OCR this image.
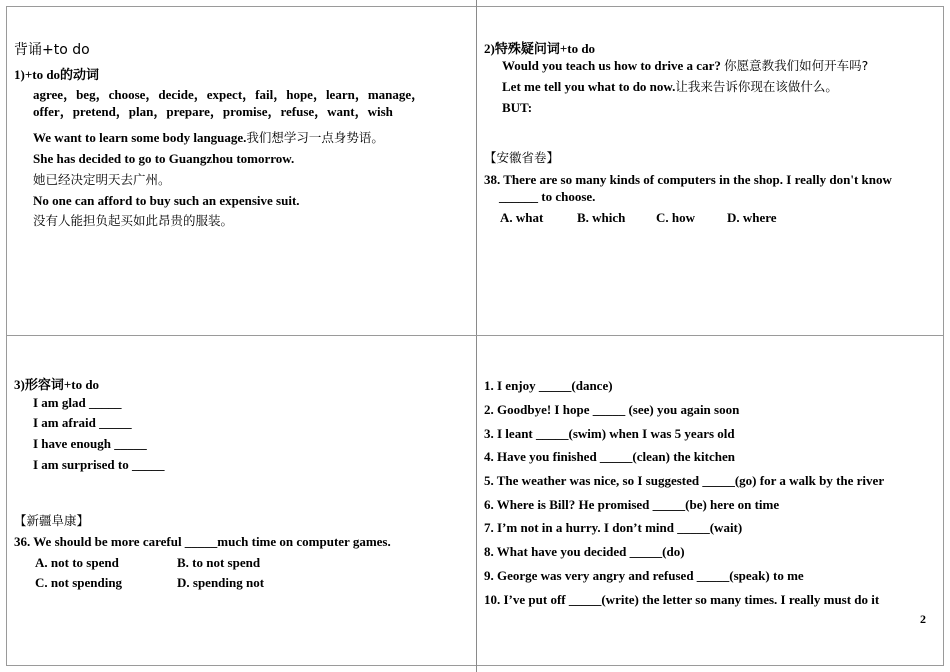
背诵+to do
1)+to do的动词
agree，beg，choose，decide，expect，fail，hope，learn，manage，
offer，pretend，plan，prepare，promise，refuse，want，wish
We want to learn some body language.我们想学习一点身势语。
She has decided to go to Guangzhou tomorrow.
她已经决定明天去广州。
No one can afford to buy such an expensive suit.
没有人能担负起买如此昂贵的服装。
2)特殊疑问词+to do
Would you teach us how to drive a car? 你愿意教我们如何开车吗?
Let me tell you what to do now.让我来告诉你现在该做什么。
BUT:
【安徽省卷】
38. There are so many kinds of computers in the shop. I really don't know
______ to choose.
A. what	B. which C. how D. where
3)形容词+to do
I am glad _____
I am afraid _____
I have enough _____
I am surprised to _____
【新疆阜康】
36. We should be more careful _____much time on computer games.
A. not to spend	B. to not spend
C. not spending	D. spending not
1. I enjoy _____(dance)
2. Goodbye! I hope _____ (see) you again soon
3. I leant _____(swim) when I was 5 years old
4. Have you finished _____(clean) the kitchen
5. The weather was nice, so I suggested _____(go) for a walk by the river
6. Where is Bill? He promised _____(be) here on time
7. I’m not in a hurry. I don’t mind _____(wait)
8. What have you decided _____(do)
9. George was very angry and refused _____(speak) to me
10. I’ve put off _____(write) the letter so many times. I really must do it
2
